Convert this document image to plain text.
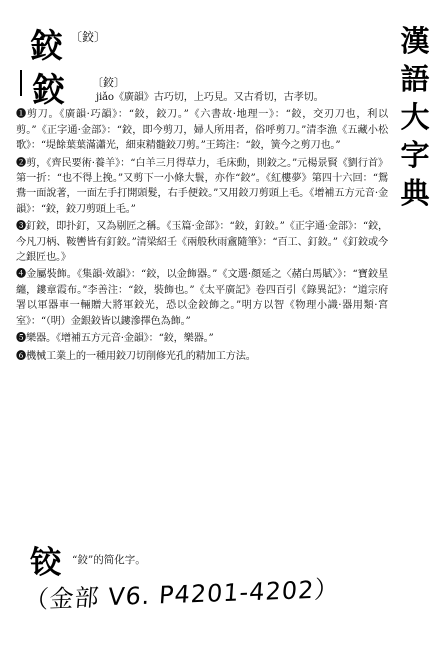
漢
語
大
字
典
鉸 〔鉸〕
鉸 〔鉸〕

jiǎo《廣韻》古巧切，上巧見。又古肴切，古孝切。

❶剪刀。《廣韻·巧韻》：“鉸，鉸刀。”《六書故·地理一》：“鉸，交刃刀也，利以剪。”《正字通·金部》：“鉸，即今剪刀，婦人所用者，俗呼剪刀。”清李漁《五藏小松歌》：“堤餘葉葉滿瀟光，細束精髓鉸刀剪。”王筠注：“鉸，簧今之剪刀也。”

❷剪，《齊民要術·養羊》：“白羊三月得草力，毛床動，則鉸之。”元楊景賢《劉行首》第一折：“也不得上挽。”又剪下一小條大鬟，亦作“鉸”。《紅樓夢》第四十六回：“鴛鴦一面說著，一面左手打開頭髮，右手便鉸。”又用鉸刀剪頭上毛。《增補五方元音·金韻》：“鉸，鉸刀剪頭上毛。”

❸釘鉸，即扑釘，又為剔匠之稱。《玉篇·金部》：“鉸，釘鉸。”《正字通·金部》：“鉸，今凡刀柄、鞍轡皆有釘鉸。”清梁紹壬《兩般秋雨盦隨筆》：“百工、釘鉸。”《釘鉸或今之銀匠也。》

❹金屬裝飾。《集韻·效韻》：“鉸，以金飾器。”《文選·顏延之〈赭白馬賦〉》：“寶鉸星纏，鏤章霞布。”李善注：“鉸，裝飾也。”《太平廣記》卷四百引《錄異記》：“道宗府署以軍器車一輛贈大將軍鉸光，恐以金鉸飾之。”明方以智《物理小識·器用類·宮室》：“（明）金銀鉸皆以鏤滲擇色為飾。”

❺樂器。《增補五方元音·金韻》：“鉸，樂器。”

❻機械工業上的一種用鉸刀切削修光孔的精加工方法。

铰 “鉸”的简化字。
（金部 V6. P4201-4202）
